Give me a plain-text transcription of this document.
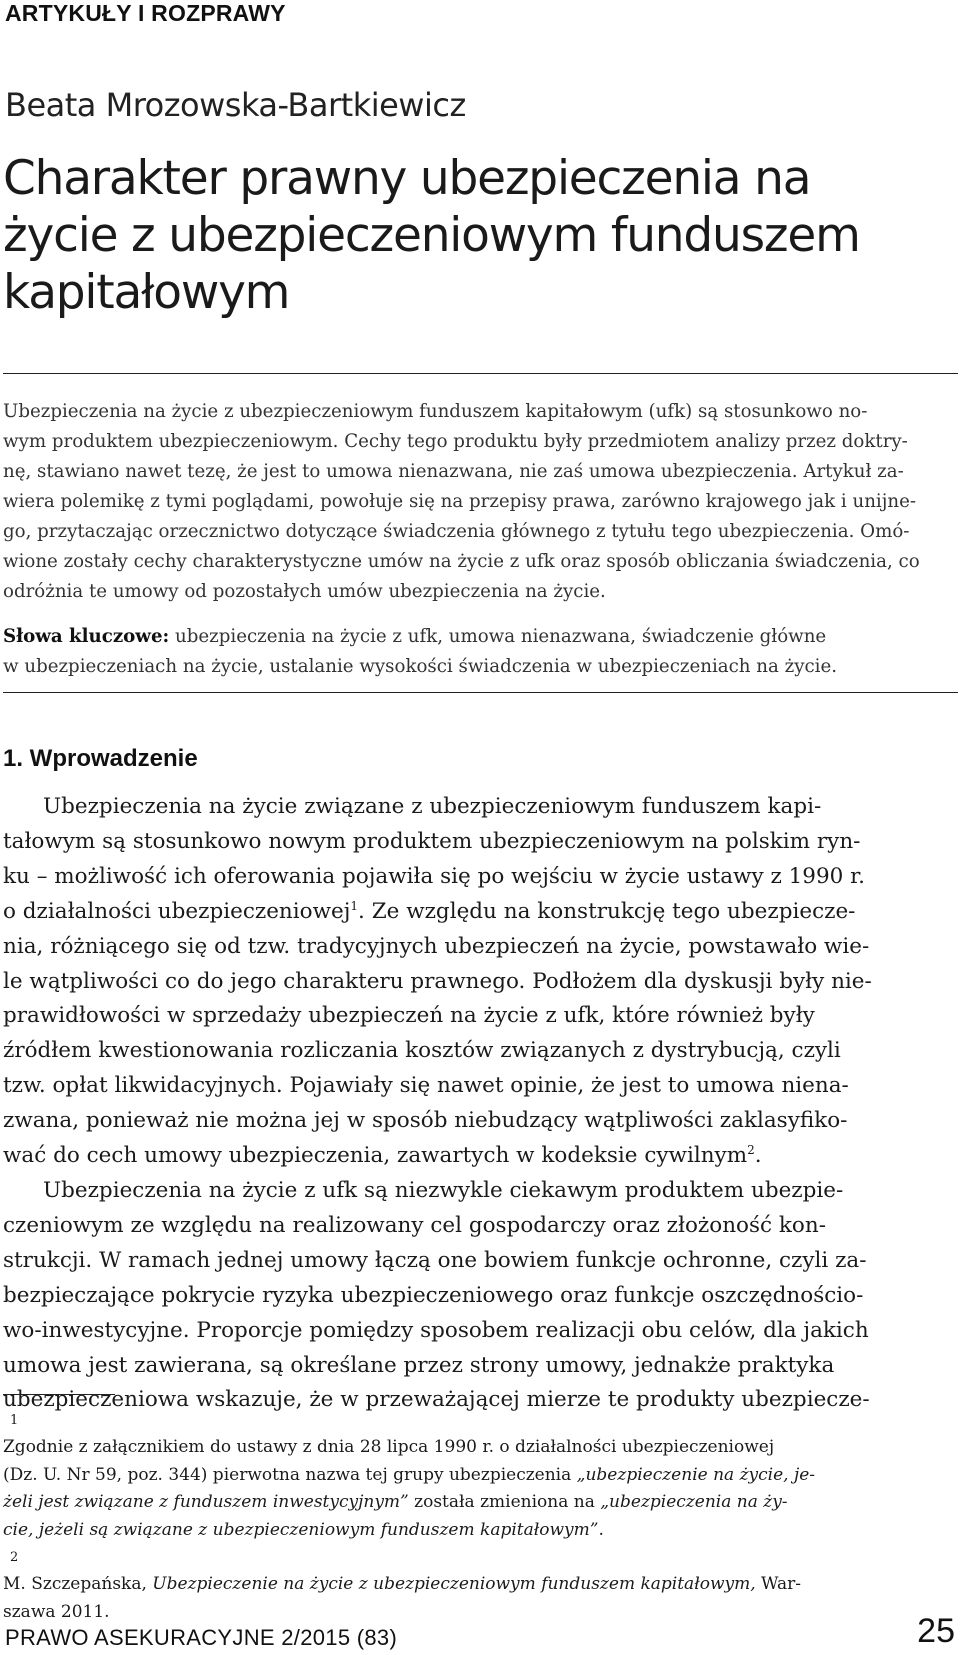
ARTYKUŁY I ROZPRAWY
Beata Mrozowska-Bartkiewicz
Charakter prawny ubezpieczenia na
życie z ubezpieczeniowym funduszem
kapitałowym
Ubezpieczenia na życie z ubezpieczeniowym funduszem kapitałowym (ufk) są stosunkowo no-
wym produktem ubezpieczeniowym. Cechy tego produktu były przedmiotem analizy przez doktry-
nę, stawiano nawet tezę, że jest to umowa nienazwana, nie zaś umowa ubezpieczenia. Artykuł za-
wiera polemikę z tymi poglądami, powołuje się na przepisy prawa, zarówno krajowego jak i unijne-
go, przytaczając orzecznictwo dotyczące świadczenia głównego z tytułu tego ubezpieczenia. Omó-
wione zostały cechy charakterystyczne umów na życie z ufk oraz sposób obliczania świadczenia, co
odróżnia te umowy od pozostałych umów ubezpieczenia na życie.
Słowa kluczowe: ubezpieczenia na życie z ufk, umowa nienazwana, świadczenie główne
w ubezpieczeniach na życie, ustalanie wysokości świadczenia w ubezpieczeniach na życie.
1. Wprowadzenie
Ubezpieczenia na życie związane z ubezpieczeniowym funduszem kapi-
tałowym są stosunkowo nowym produktem ubezpieczeniowym na polskim ryn-
ku – możliwość ich oferowania pojawiła się po wejściu w życie ustawy z 1990 r.
o działalności ubezpieczeniowej$^1$. Ze względu na konstrukcję tego ubezpiecze-
nia, różniącego się od tzw. tradycyjnych ubezpieczeń na życie, powstawało wie-
le wątpliwości co do jego charakteru prawnego. Podłożem dla dyskusji były nie-
prawidłowości w sprzedaży ubezpieczeń na życie z ufk, które również były
źródłem kwestionowania rozliczania kosztów związanych z dystrybucją, czyli
tzw. opłat likwidacyjnych. Pojawiały się nawet opinie, że jest to umowa niena-
zwana, ponieważ nie można jej w sposób niebudzący wątpliwości zaklasyfiko-
wać do cech umowy ubezpieczenia, zawartych w kodeksie cywilnym$^2$.
Ubezpieczenia na życie z ufk są niezwykle ciekawym produktem ubezpie-
czeniowym ze względu na realizowany cel gospodarczy oraz złożoność kon-
strukcji. W ramach jednej umowy łączą one bowiem funkcje ochronne, czyli za-
bezpieczające pokrycie ryzyka ubezpieczeniowego oraz funkcje oszczędnościo-
wo-inwestycyjne. Proporcje pomiędzy sposobem realizacji obu celów, dla jakich
umowa jest zawierana, są określane przez strony umowy, jednakże praktyka
ubezpieczeniowa wskazuje, że w przeważającej mierze te produkty ubezpiecze-
PRAWO ASEKURACYJNE 2/2015 (83)	25
1
Zgodnie z załącznikiem do ustawy z dnia 28 lipca 1990 r. o działalności ubezpieczeniowej
(Dz. U. Nr 59, poz. 344) pierwotna nazwa tej grupy ubezpieczenia „ubezpieczenie na życie, je-
żeli jest związane z funduszem inwestycyjnym” została zmieniona na „ubezpieczenia na ży-
cie, jeżeli są związane z ubezpieczeniowym funduszem kapitałowym”.
2
M. Szczepańska, Ubezpieczenie na życie z ubezpieczeniowym funduszem kapitałowym, War-
szawa 2011.
